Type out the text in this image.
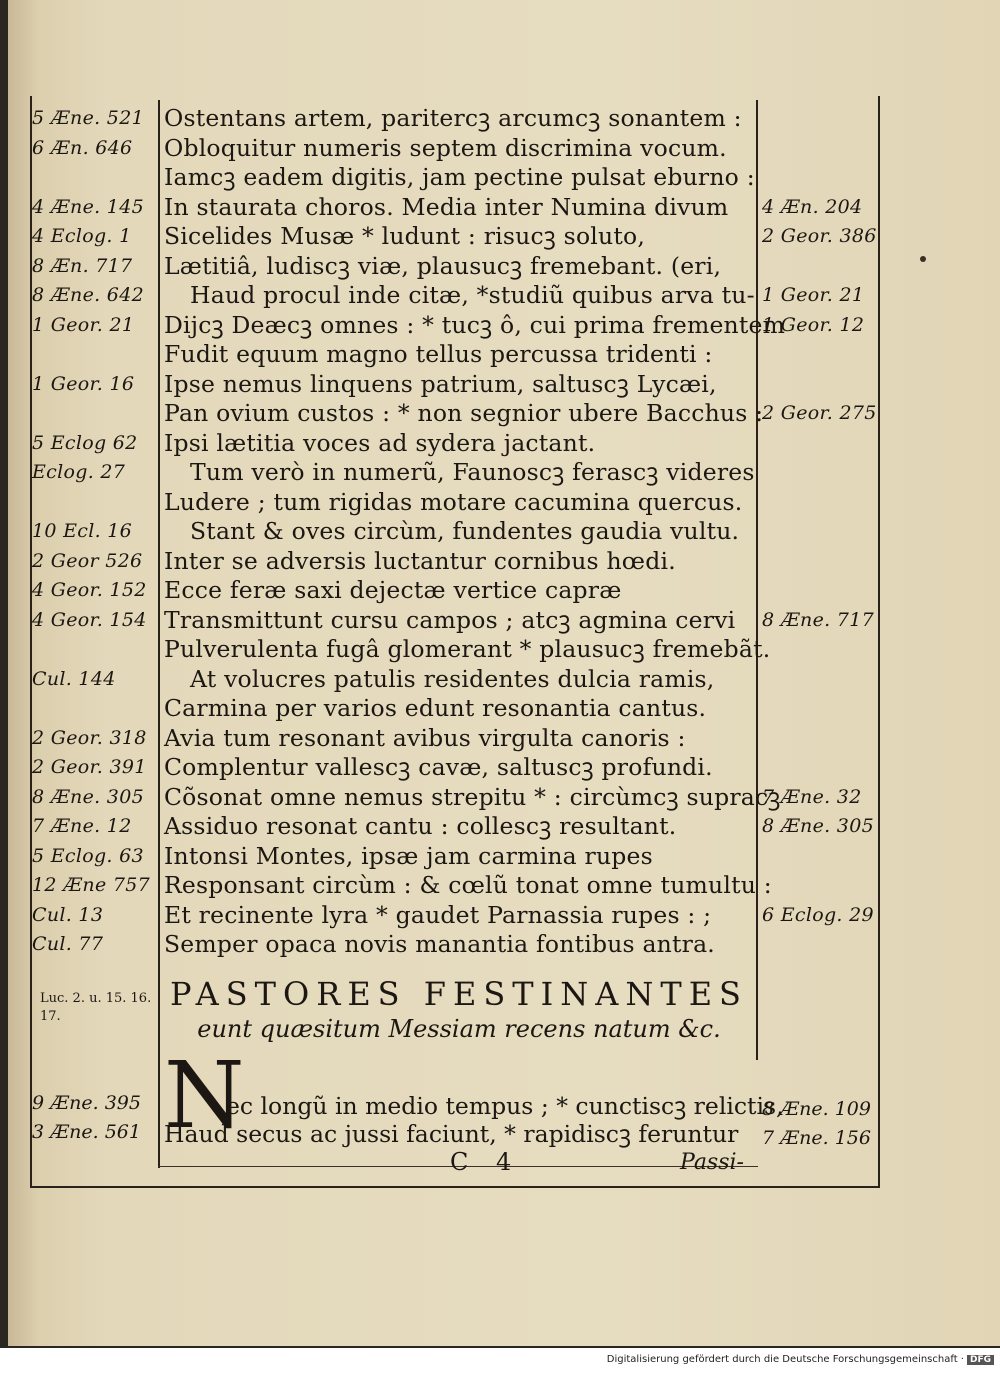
5 Æne. 521
6 Æn. 646
4 Æne. 145
4 Eclog. 1
8 Æn. 717
8 Æne. 642
1 Geor. 21
1 Geor. 16
5 Eclog 62
Eclog. 27
10 Ecl. 16
2 Geor 526
4 Geor. 152
4 Geor. 154
Cul. 144
2 Geor. 318
2 Geor. 391
8 Æne. 305
7 Æne. 12
5 Eclog. 63
12 Æne 757
Cul. 13
Cul. 77
Ostentans artem, paritercꝫ arcumcꝫ sonantem :
Obloquitur numeris septem discrimina vocum.
Iamcꝫ eadem digitis, jam pectine pulsat eburno :
In staurata choros. Media inter Numina divum
Sicelides Musæ * ludunt : risucꝫ soluto,
Lætitiâ, ludiscꝫ viæ, plausucꝫ fremebant. (eri,
Haud procul inde citæ, *studiũ quibus arva tu-
Dijcꝫ Deæcꝫ omnes : * tucꝫ ô, cui prima frementem
Fudit equum magno tellus percussa tridenti :
Ipse nemus linquens patrium, saltuscꝫ Lycæi,
Pan ovium custos : * non segnior ubere Bacchus :
Ipsi lætitia voces ad sydera jactant.
Tum verò in numerũ, Faunoscꝫ ferascꝫ videres
Ludere ; tum rigidas motare cacumina quercus.
Stant & oves circùm, fundentes gaudia vultu.
Inter se adversis luctantur cornibus hœdi.
Ecce feræ saxi dejectæ vertice capræ
Transmittunt cursu campos ; atcꝫ agmina cervi
Pulverulenta fugâ glomerant * plausucꝫ fremebãt.
At volucres patulis residentes dulcia ramis,
Carmina per varios edunt resonantia cantus.
Avia tum resonant avibus virgulta canoris :
Complentur vallescꝫ cavæ, saltuscꝫ profundi.
Cõsonat omne nemus strepitu * : circùmcꝫ supracꝫ
Assiduo resonat cantu : collescꝫ resultant.
Intonsi Montes, ipsæ jam carmina rupes
Responsant circùm : & cœlũ tonat omne tumultu :
Et recinente lyra * gaudet Parnassia rupes : ;
Semper opaca novis manantia fontibus antra.
4 Æn. 204
2 Geor. 386
1 Geor. 21
1 Geor. 12
2 Geor. 275
8 Æne. 717
7 Æne. 32
8 Æne. 305
6 Eclog. 29
Luc. 2. u. 15. 16. 17.
PASTORES FESTINANTES
eunt quæsitum Messiam recens natum &c.
N
ec longũ in medio tempus ; * cunctiscꝫ relictis,
Haud secus ac jussi faciunt, * rapidiscꝫ feruntur
9 Æne. 395
3 Æne. 561
8 Æne. 109
7 Æne. 156
C 4	Passi-
Digitalisierung gefördert durch die Deutsche Forschungsgemeinschaft · DFG
